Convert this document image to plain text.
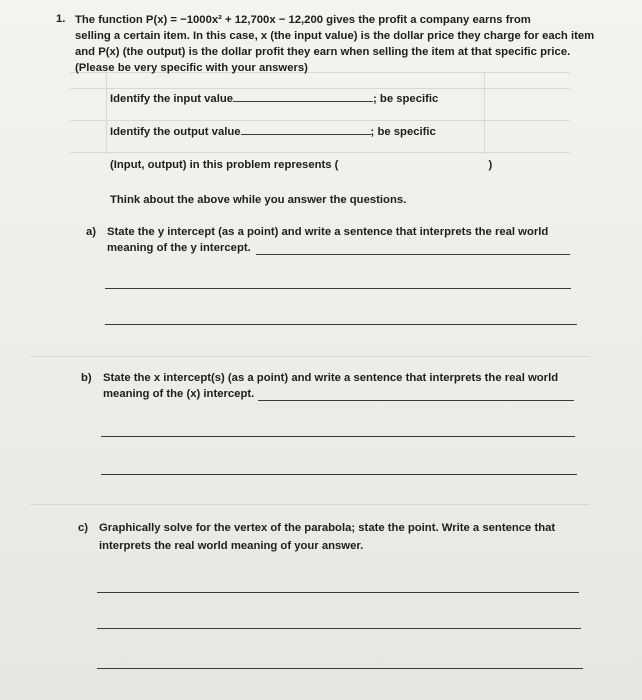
1. The function P(x) = −1000x² + 12,700x − 12,200 gives the profit a company earns from
selling a certain item. In this case, x (the input value) is the dollar price they charge for each item
and P(x) (the output) is the dollar profit they earn when selling the item at that specific price.
(Please be very specific with your answers)
Identify the input value	; be specific
Identify the output value	; be specific
(Input, output) in this problem represents (	)
Think about the above while you answer the questions.
a) State the y intercept (as a point) and write a sentence that interprets the real world
meaning of the y intercept.
b) State the x intercept(s) (as a point) and write a sentence that interprets the real world
meaning of the (x) intercept.
c) Graphically solve for the vertex of the parabola; state the point. Write a sentence that
interprets the real world meaning of your answer.
